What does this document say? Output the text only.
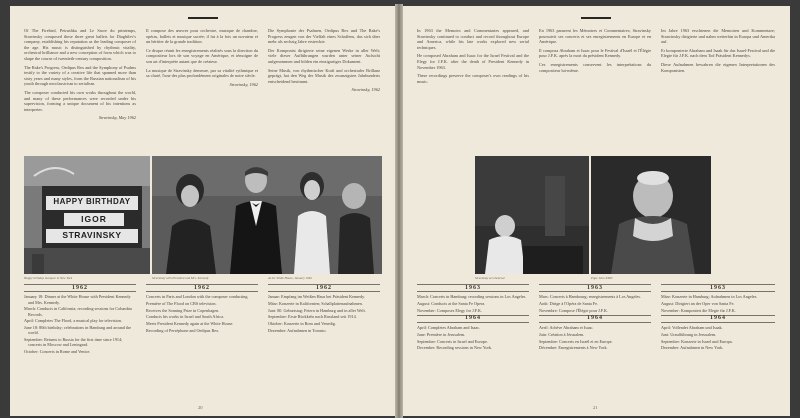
Of The Firebird, Petrushka and Le Sacre du printemps, Stravinsky composed these three great ballets for Diaghilev's company, establishing his reputation as the leading composer of the age. His music is distinguished by rhythmic vitality, orchestral brilliance and a new conception of form which was to shape the course of twentieth-century composition.

The Rake's Progress, Oedipus Rex and the Symphony of Psalms testify to the variety of a creative life that spanned more than sixty years and many styles, from the Russian nationalism of his youth through neoclassicism to serialism.

The composer conducted his own works throughout the world, and many of these performances were recorded under his supervision, forming a unique document of his intentions as interpreter.

Stravinsky, May 1962

Il compose des œuvres pour orchestre, musique de chambre, opéras, ballets et musique sacrée; il fut à la fois un novateur et un héritier de la grande tradition.

Ce disque réunit les enregistrements réalisés sous la direction du compositeur lors de son voyage en Amérique, et témoigne de son art d'interprète autant que de créateur.

La musique de Stravinsky demeure, par sa vitalité rythmique et sa clarté, l'une des plus profondément originales de notre siècle.

Stravinsky, 1962

Die Symphonie der Psalmen, Oedipus Rex und The Rake's Progress zeugen von der Vielfalt eines Schaffens, das sich über mehr als sechzig Jahre erstreckte.

Der Komponist dirigierte seine eigenen Werke in aller Welt; viele dieser Aufführungen wurden unter seiner Aufsicht aufgenommen und bilden ein einzigartiges Dokument.

Seine Musik, von rhythmischer Kraft und orchestraler Brillanz geprägt, hat den Weg der Musik des zwanzigsten Jahrhunderts entscheidend bestimmt.

Stravinsky, 1962
HAPPY BIRTHDAY
IGOR
STRAVINSKY
Happy birthday marquee in New York	Stravinsky with President and Mrs. Kennedy	At the White House, January 1962
1962
January 18: Dinner at the White House with President Kennedy and Mrs. Kennedy.
March: Conducts in California; recording sessions for Columbia Records.
April: Completes The Flood, a musical play for television.
June 18: 80th birthday; celebrations in Hamburg and around the world.
September: Returns to Russia for the first time since 1914; concerts in Moscow and Leningrad.
October: Concerts in Rome and Venice.
1962
Concerts in Paris and London with the composer conducting.
Première of The Flood on CBS television.
Receives the Sonning Prize in Copenhagen.
Conducts his works in Israel and South Africa.
Meets President Kennedy again at the White House.
Recording of Perséphone and Oedipus Rex.
1962
Januar: Empfang im Weißen Haus bei Präsident Kennedy.
März: Konzerte in Kalifornien; Schallplattenaufnahmen.
Juni: 80. Geburtstag; Feiern in Hamburg und in aller Welt.
September: Erste Rückkehr nach Russland seit 1914.
Oktober: Konzerte in Rom und Venedig.
Dezember: Aufnahmen in Toronto.
20

In 1963 the Memoirs and Commentaries appeared, and Stravinsky continued to conduct and record throughout Europe and America, while his late works explored new serial techniques.

He composed Abraham and Isaac for the Israel Festival and the Elegy for J.F.K. after the death of President Kennedy in November 1963.

These recordings preserve the composer's own readings of his music.

En 1963 parurent les Mémoires et Commentaires; Stravinsky poursuivit ses concerts et ses enregistrements en Europe et en Amérique.

Il composa Abraham et Isaac pour le Festival d'Israël et l'Élégie pour J.F.K. après la mort du président Kennedy.

Ces enregistrements conservent les interprétations du compositeur lui-même.

Im Jahre 1963 erschienen die Memoiren und Kommentare; Strawinsky dirigierte und nahm weiterhin in Europa und Amerika auf.

Er komponierte Abraham und Isaak für das Israel-Festival und die Elegie für J.F.K. nach dem Tod Präsident Kennedys.

Diese Aufnahmen bewahren die eigenen Interpretationen des Komponisten.

Stravinsky at rehearsal	Pope John XXIII
1963
March: Concerts in Hamburg; recording sessions in Los Angeles.
August: Conducts at the Santa Fe Opera.
November: Composes Elegy for J.F.K.
1964
April: Completes Abraham and Isaac.
June: Première in Jerusalem.
September: Concerts in Israel and Europe.
December: Recording sessions in New York.
1963
Mars: Concerts à Hambourg; enregistrements à Los Angeles.
Août: Dirige à l'Opéra de Santa Fe.
Novembre: Compose l'Élégie pour J.F.K.
1964
Avril: Achève Abraham et Isaac.
Juin: Création à Jérusalem.
Septembre: Concerts en Israël et en Europe.
Décembre: Enregistrements à New York.
1963
März: Konzerte in Hamburg; Aufnahmen in Los Angeles.
August: Dirigiert an der Oper von Santa Fe.
November: Komponiert die Elegie für J.F.K.
1964
April: Vollendet Abraham und Isaak.
Juni: Uraufführung in Jerusalem.
September: Konzerte in Israel und Europa.
Dezember: Aufnahmen in New York.
21
